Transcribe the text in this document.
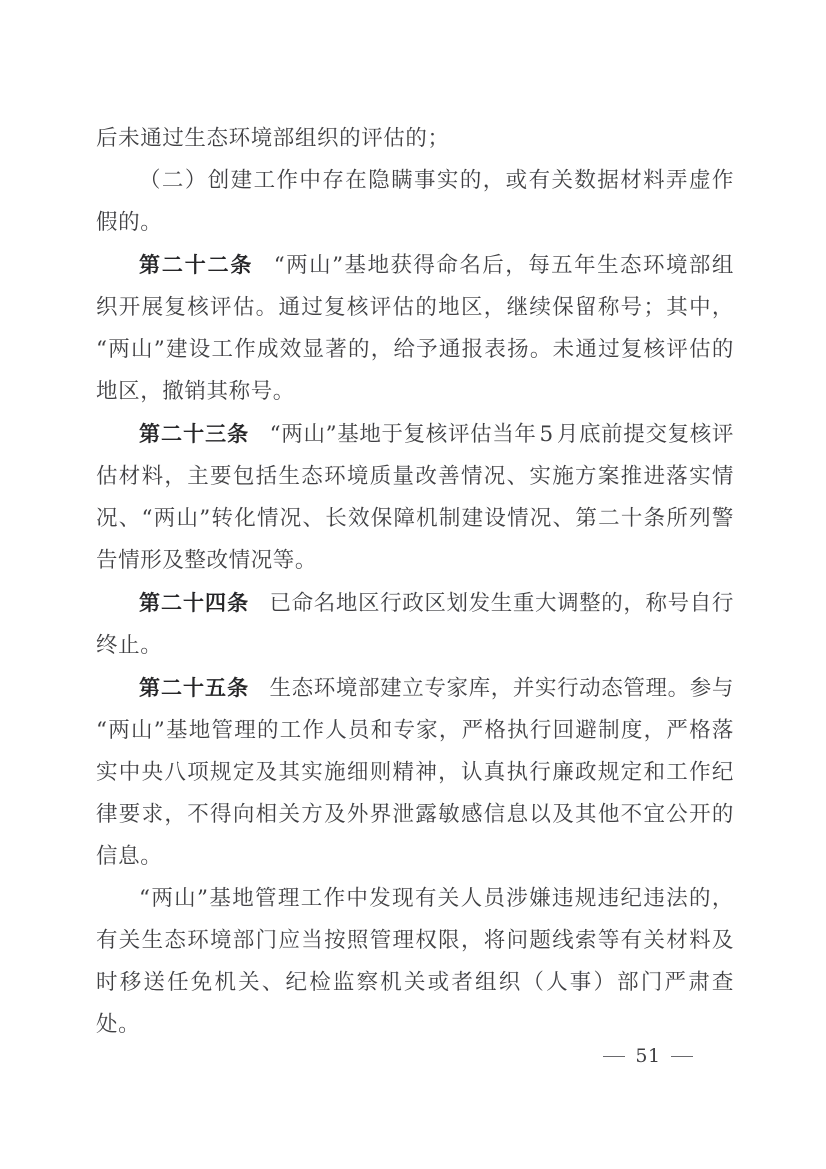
后未通过生态环境部组织的评估的；

（二）创建工作中存在隐瞒事实的，或有关数据材料弄虚作假的。

第二十二条 “两山”基地获得命名后，每五年生态环境部组织开展复核评估。通过复核评估的地区，继续保留称号；其中，“两山”建设工作成效显著的，给予通报表扬。未通过复核评估的地区，撤销其称号。

第二十三条 “两山”基地于复核评估当年 5 月底前提交复核评估材料，主要包括生态环境质量改善情况、实施方案推进落实情况、“两山”转化情况、长效保障机制建设情况、第二十条所列警告情形及整改情况等。

第二十四条 已命名地区行政区划发生重大调整的，称号自行终止。

第二十五条 生态环境部建立专家库，并实行动态管理。参与“两山”基地管理的工作人员和专家，严格执行回避制度，严格落实中央八项规定及其实施细则精神，认真执行廉政规定和工作纪律要求，不得向相关方及外界泄露敏感信息以及其他不宜公开的信息。

“两山”基地管理工作中发现有关人员涉嫌违规违纪违法的，有关生态环境部门应当按照管理权限，将问题线索等有关材料及时移送任免机关、纪检监察机关或者组织（人事）部门严肃查处。

51
